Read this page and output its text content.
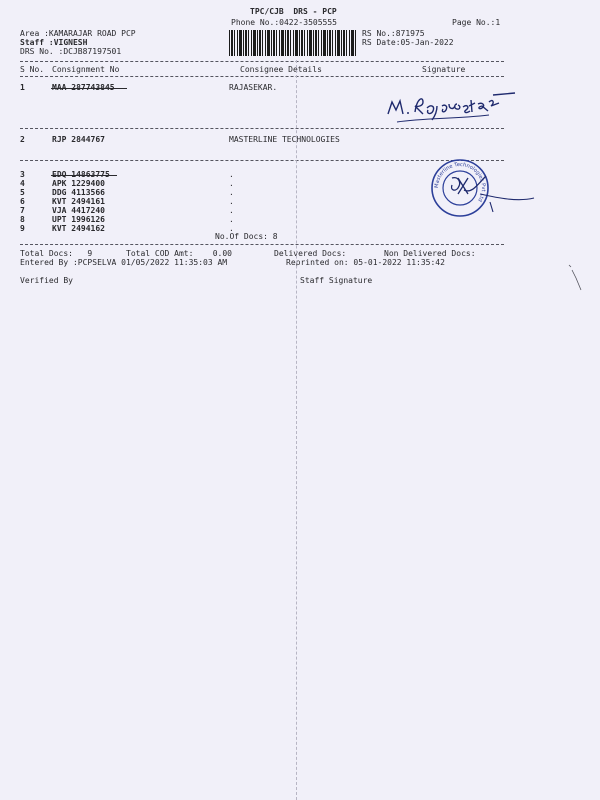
TPC/CJB  DRS - PCP
Phone No.:0422-3505555	Page No.:1
Area :KAMARAJAR ROAD PCP
Staff :VIGNESH
DRS No. :DCJB87197501
RS No.:871975
RS Date:05-Jan-2022
S No. Consignment No	Consignee Details	Signature
1	MAA 287743845	RAJASEKAR.
2	RJP 2844767	MASTERLINE TECHNOLOGIES
3	EDQ 14863775	.
4	APK 1229400	.
5	DDG 4113566	.
6	KVT 2494161	.
7	VJA 4417240	.
8	UPT 1996126	.
9	KVT 2494162	.
No.Of Docs: 8
Masterline Technologies Pvt Ltd
Total Docs:   9	Total COD Amt:    0.00	Delivered Docs:	Non Delivered Docs:
Entered By :PCPSELVA 01/05/2022 11:35:03 AM	Reprinted on: 05-01-2022 11:35:42
Verified By	Staff Signature
